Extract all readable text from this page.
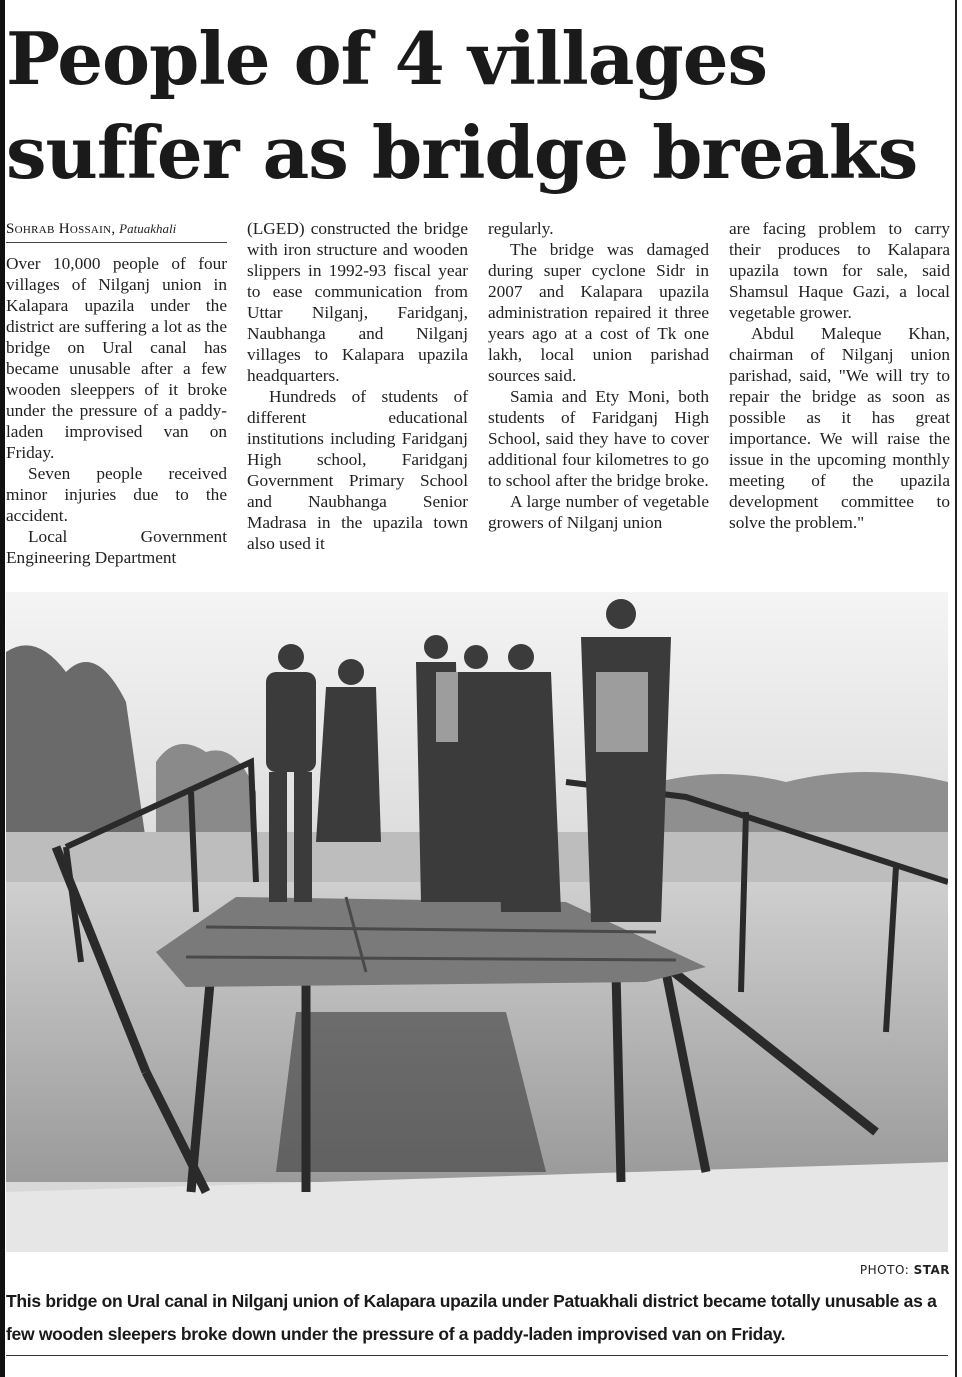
People of 4 villages suffer as bridge breaks
Sohrab Hossain, Patuakhali

Over 10,000 people of four villages of Nilganj union in Kalapara upazila under the district are suffering a lot as the bridge on Ural canal has became unusable after a few wooden sleeppers of it broke under the pressure of a paddy-laden improvised van on Friday.

Seven people received minor injuries due to the accident.

Local Government Engineering Department

(LGED) constructed the bridge with iron structure and wooden slippers in 1992-93 fiscal year to ease communication from Uttar Nilganj, Faridganj, Naubhanga and Nilganj villages to Kalapara upazila headquarters.

Hundreds of students of different educational institutions including Faridganj High school, Faridganj Government Primary School and Naubhanga Senior Madrasa in the upazila town also used it

regularly.

The bridge was damaged during super cyclone Sidr in 2007 and Kalapara upazila administration repaired it three years ago at a cost of Tk one lakh, local union parishad sources said.

Samia and Ety Moni, both students of Faridganj High School, said they have to cover additional four kilometres to go to school after the bridge broke.

A large number of vegetable growers of Nilganj union

are facing problem to carry their produces to Kalapara upazila town for sale, said Shamsul Haque Gazi, a local vegetable grower.

Abdul Maleque Khan, chairman of Nilganj union parishad, said, "We will try to repair the bridge as soon as possible as it has great importance. We will raise the issue in the upcoming monthly meeting of the upazila development committee to solve the problem."

PHOTO: STAR
This bridge on Ural canal in Nilganj union of Kalapara upazila under Patuakhali district became totally unusable as a few wooden sleepers broke down under the pressure of a paddy-laden improvised van on Friday.
